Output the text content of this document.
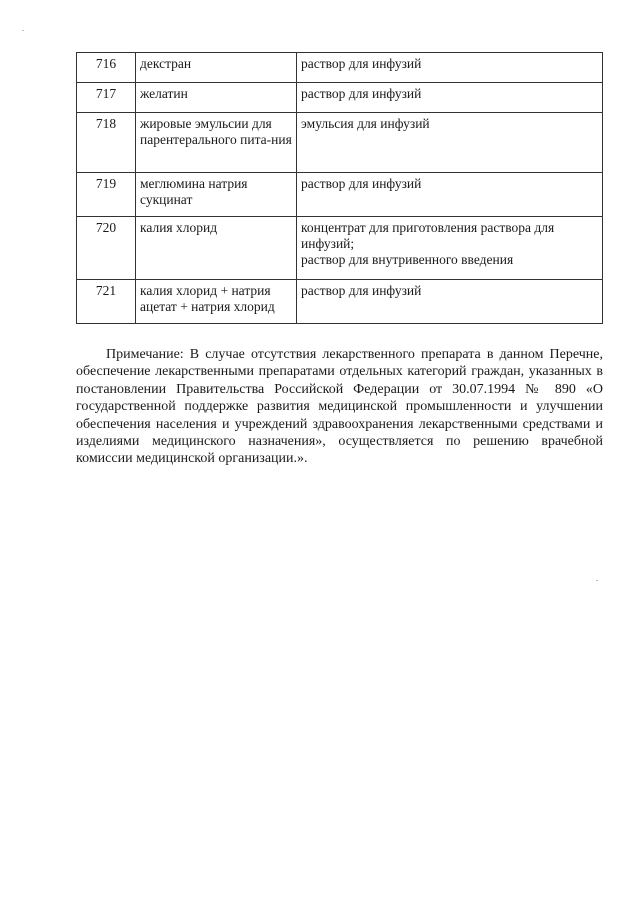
716	декстран	раствор для инфузий

717	желатин	раствор для инфузий

718	жировые эмульсии для парентерального пита-ния	эмульсия для инфузий

719	меглюмина натрия сукцинат	раствор для инфузий

720	калия хлорид	концентрат для приготовления раствора для инфузий;
раствор для внутривенного введения

721	калия хлорид + натрия ацетат + натрия хлорид	раствор для инфузий

Примечание: В случае отсутствия лекарственного препарата в данном Перечне, обеспечение лекарственными препаратами отдельных категорий граждан, указанных в постановлении Правительства Российской Федерации от 30.07.1994 № 890 «О государственной поддержке развития медицинской промышленности и улучшении обеспечения населения и учреждений здравоохранения лекарственными средствами и изделиями медицинского назначения», осуществляется по решению врачебной комиссии медицинской организации.».
